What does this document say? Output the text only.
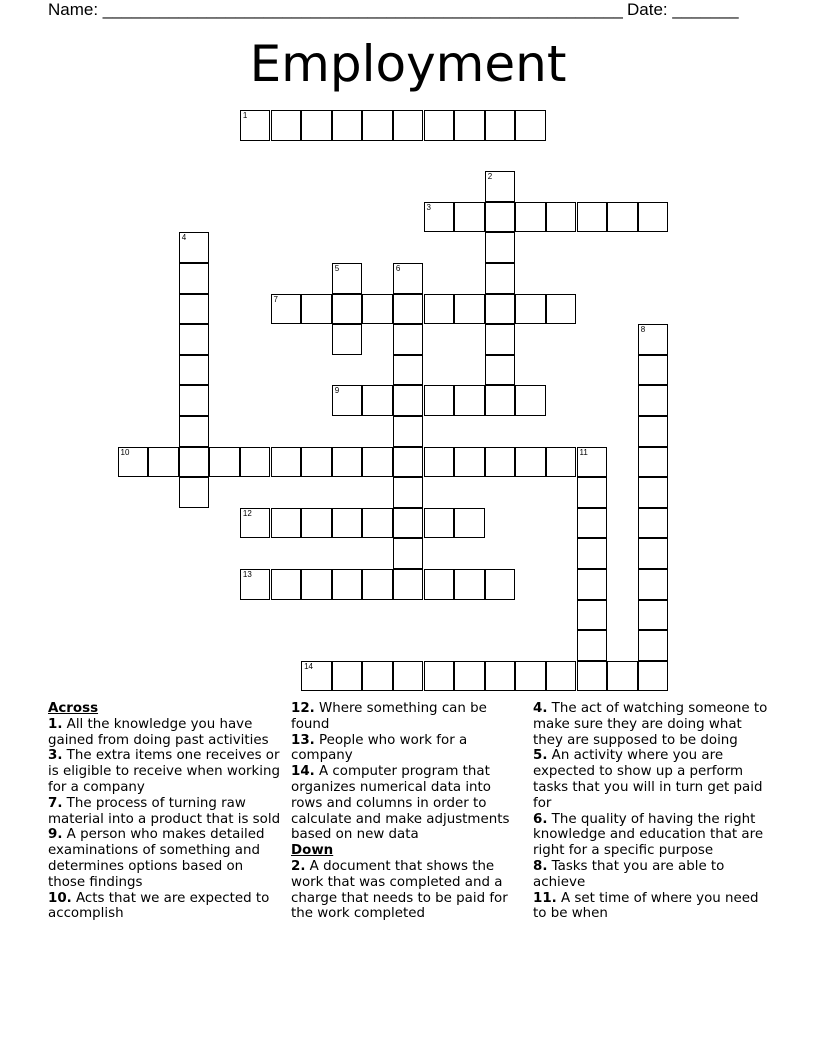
Name: _______________________________________________________ Date: _______
Employment
1
2
3
4
5	6
7
8
9
10	11
12
13
14
Across
1. All the knowledge you have gained from doing past activities
3. The extra items one receives or is eligible to receive when working for a company
7. The process of turning raw material into a product that is sold
9. A person who makes detailed examinations of something and determines options based on those findings
10. Acts that we are expected to accomplish
12. Where something can be found
13. People who work for a company
14. A computer program that organizes numerical data into rows and columns in order to calculate and make adjustments based on new data
Down
2. A document that shows the work that was completed and a charge that needs to be paid for the work completed
4. The act of watching someone to make sure they are doing what they are supposed to be doing
5. An activity where you are expected to show up a perform tasks that you will in turn get paid for
6. The quality of having the right knowledge and education that are right for a specific purpose
8. Tasks that you are able to achieve
11. A set time of where you need to be when
